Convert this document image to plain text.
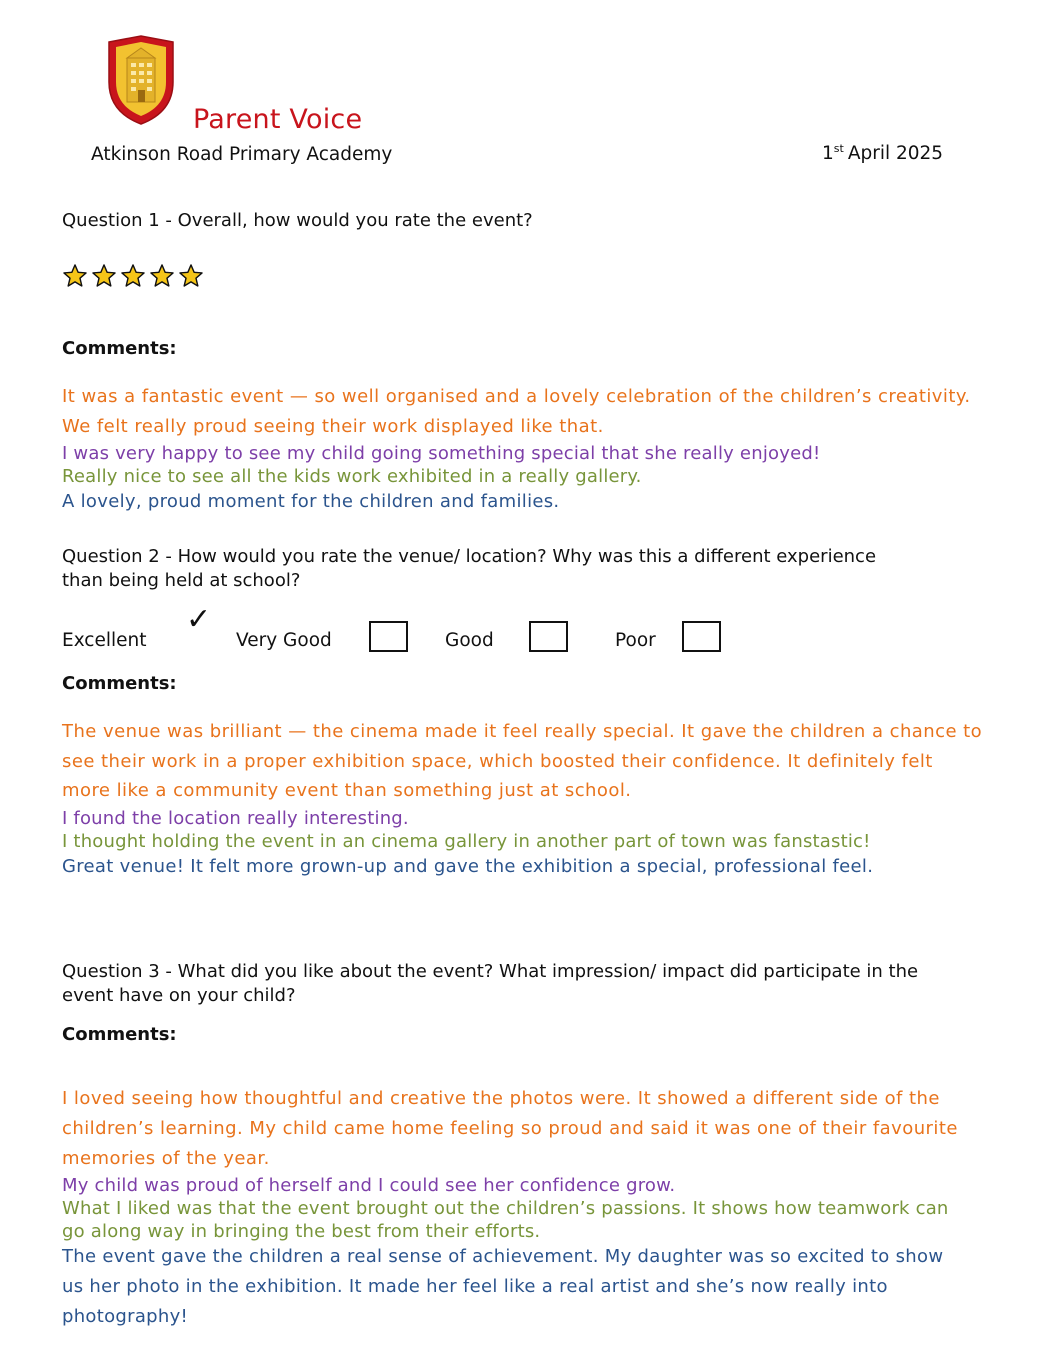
Parent Voice
Atkinson Road Primary Academy	1st April 2025
Question 1 - Overall, how would you rate the event?
Comments:
It was a fantastic event — so well organised and a lovely celebration of the children’s creativity.
We felt really proud seeing their work displayed like that.
I was very happy to see my child going something special that she really enjoyed!
Really nice to see all the kids work exhibited in a really gallery.
A lovely, proud moment for the children and families.
Question 2 - How would you rate the venue/ location? Why was this a different experience
than being held at school?
Excellent
✓
Very Good	Good	Poor
Comments:
The venue was brilliant — the cinema made it feel really special. It gave the children a chance to
see their work in a proper exhibition space, which boosted their confidence. It definitely felt
more like a community event than something just at school.
I found the location really interesting.
I thought holding the event in an cinema gallery in another part of town was fanstastic!
Great venue! It felt more grown-up and gave the exhibition a special, professional feel.
Question 3 - What did you like about the event? What impression/ impact did participate in the
event have on your child?
Comments:
I loved seeing how thoughtful and creative the photos were. It showed a different side of the
children’s learning. My child came home feeling so proud and said it was one of their favourite
memories of the year.
My child was proud of herself and I could see her confidence grow.
What I liked was that the event brought out the children’s passions. It shows how teamwork can
go along way in bringing the best from their efforts.
The event gave the children a real sense of achievement. My daughter was so excited to show
us her photo in the exhibition. It made her feel like a real artist and she’s now really into
photography!
